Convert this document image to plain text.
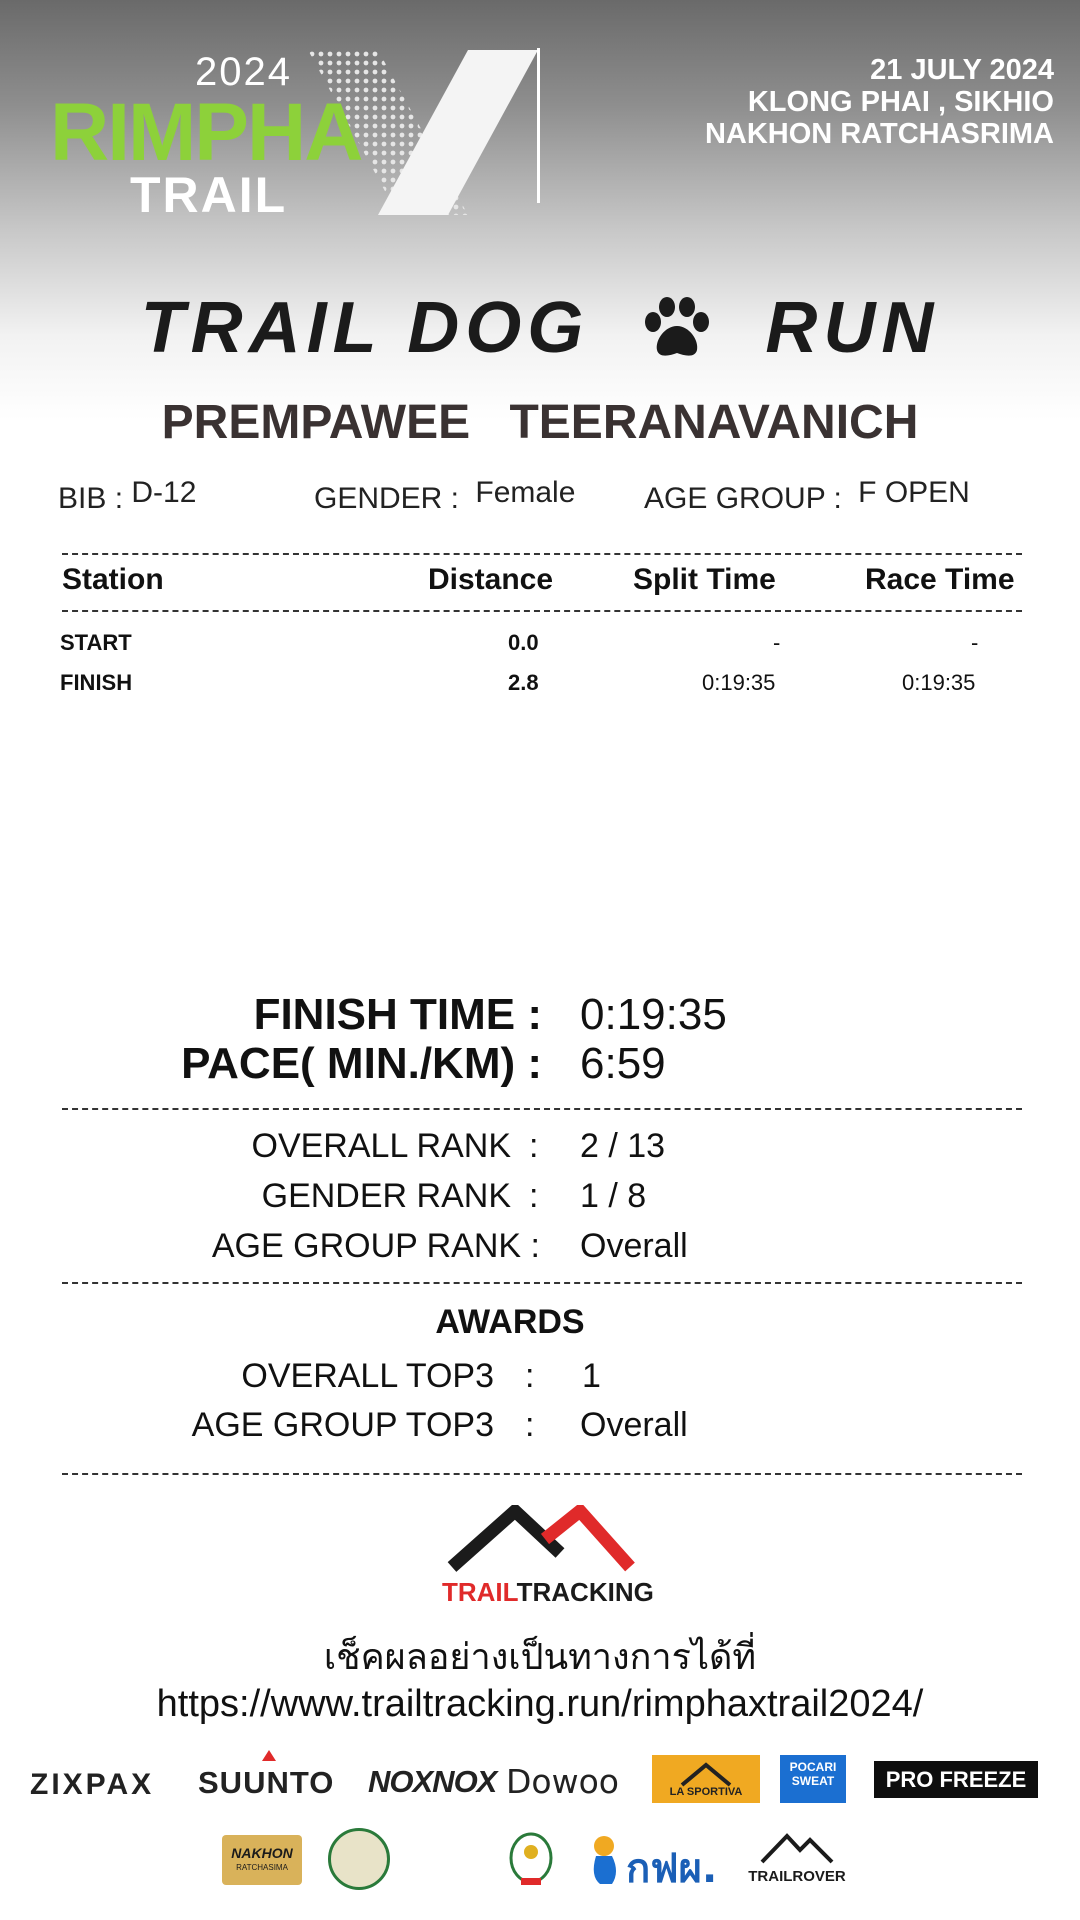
2024
RIMPHA
TRAIL
21 JULY 2024
KLONG PHAI , SIKHIO
NAKHON RATCHASRIMA
TRAIL DOG RUN
PREMPAWEE TEERANAVANICH
BIB : D-12	GENDER : Female AGE GROUP : F OPEN
Station	Distance	Split Time	Race Time
START	0.0	-	-
FINISH	2.8	0:19:35	0:19:35
FINISH TIME : 0:19:35
PACE( MIN./KM) : 6:59
OVERALL RANK : 2 / 13
GENDER RANK : 1 / 8
AGE GROUP RANK : Overall
AWARDS
OVERALL TOP3 : 1
AGE GROUP TOP3 : Overall
TRAILTRACKING
เช็คผลอย่างเป็นทางการได้ที่
https://www.trailtracking.run/rimphaxtrail2024/
ZIXPAX SUUNTO NOXNOX Dowoo	LA SPORTIVA
POCARI
SWEAT	PRO FREEZE
NAKHON
RATCHASIMA	กฟผ.	TRAILROVER
